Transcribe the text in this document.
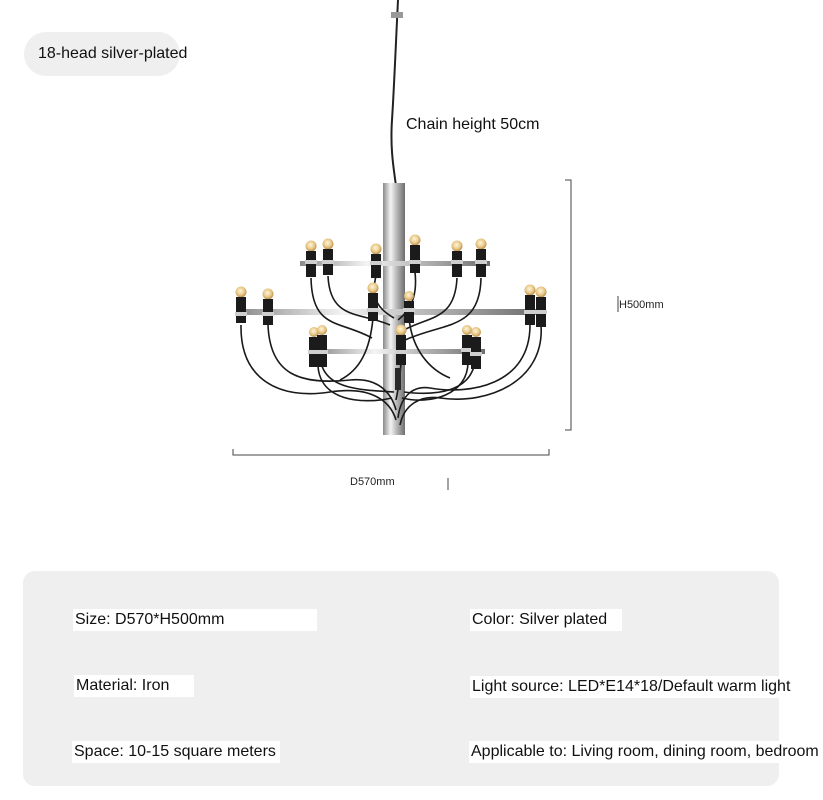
18-head silver-plated
Chain height 50cm
H500mm
D570mm
Size: D570*H500mm	Color: Silver plated
Material: Iron	Light source: LED*E14*18/Default warm light
Space: 10-15 square meters	Applicable to: Living room, dining room, bedroom
